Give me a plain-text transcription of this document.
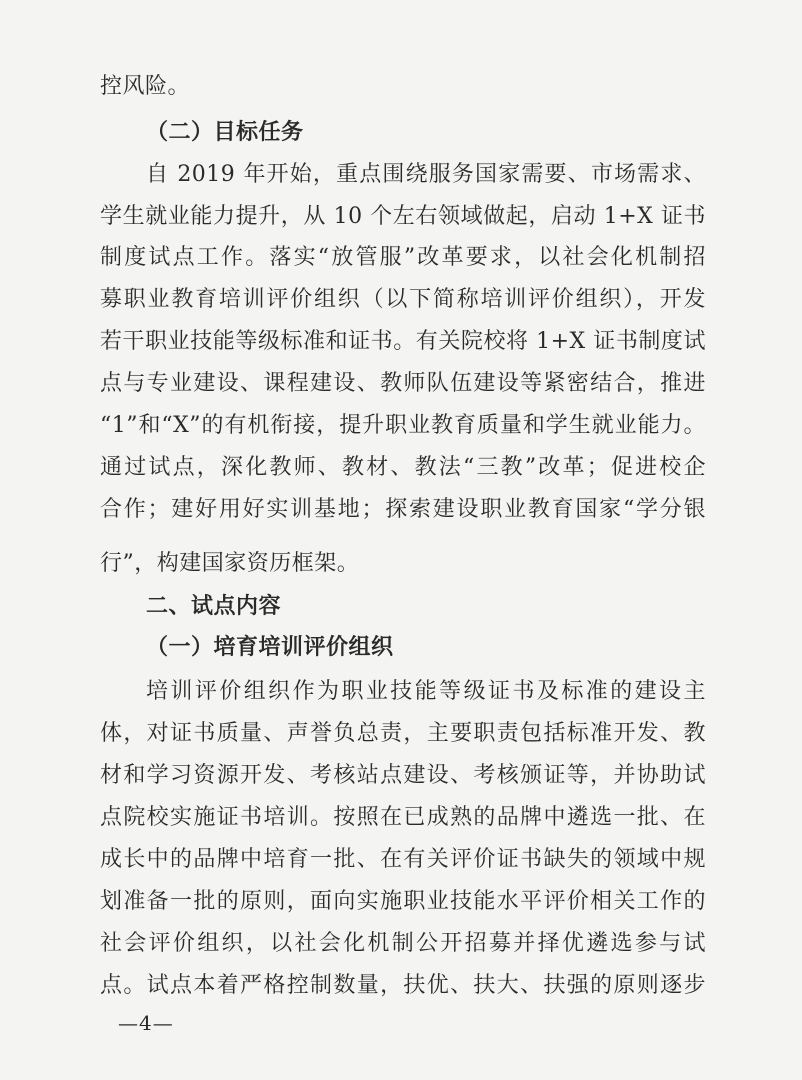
控风险。
（二）目标任务
自 2019 年开始，重点围绕服务国家需要、市场需求、
学生就业能力提升，从 10 个左右领域做起，启动 1+X 证书
制度试点工作。落实“放管服”改革要求，以社会化机制招
募职业教育培训评价组织（以下简称培训评价组织），开发
若干职业技能等级标准和证书。有关院校将 1+X 证书制度试
点与专业建设、课程建设、教师队伍建设等紧密结合，推进
“1”和“X”的有机衔接，提升职业教育质量和学生就业能力。
通过试点，深化教师、教材、教法“三教”改革；促进校企
合作；建好用好实训基地；探索建设职业教育国家“学分银
行”，构建国家资历框架。
二、试点内容
（一）培育培训评价组织
培训评价组织作为职业技能等级证书及标准的建设主
体，对证书质量、声誉负总责，主要职责包括标准开发、教
材和学习资源开发、考核站点建设、考核颁证等，并协助试
点院校实施证书培训。按照在已成熟的品牌中遴选一批、在
成长中的品牌中培育一批、在有关评价证书缺失的领域中规
划准备一批的原则，面向实施职业技能水平评价相关工作的
社会评价组织，以社会化机制公开招募并择优遴选参与试
点。试点本着严格控制数量，扶优、扶大、扶强的原则逐步
—4—
